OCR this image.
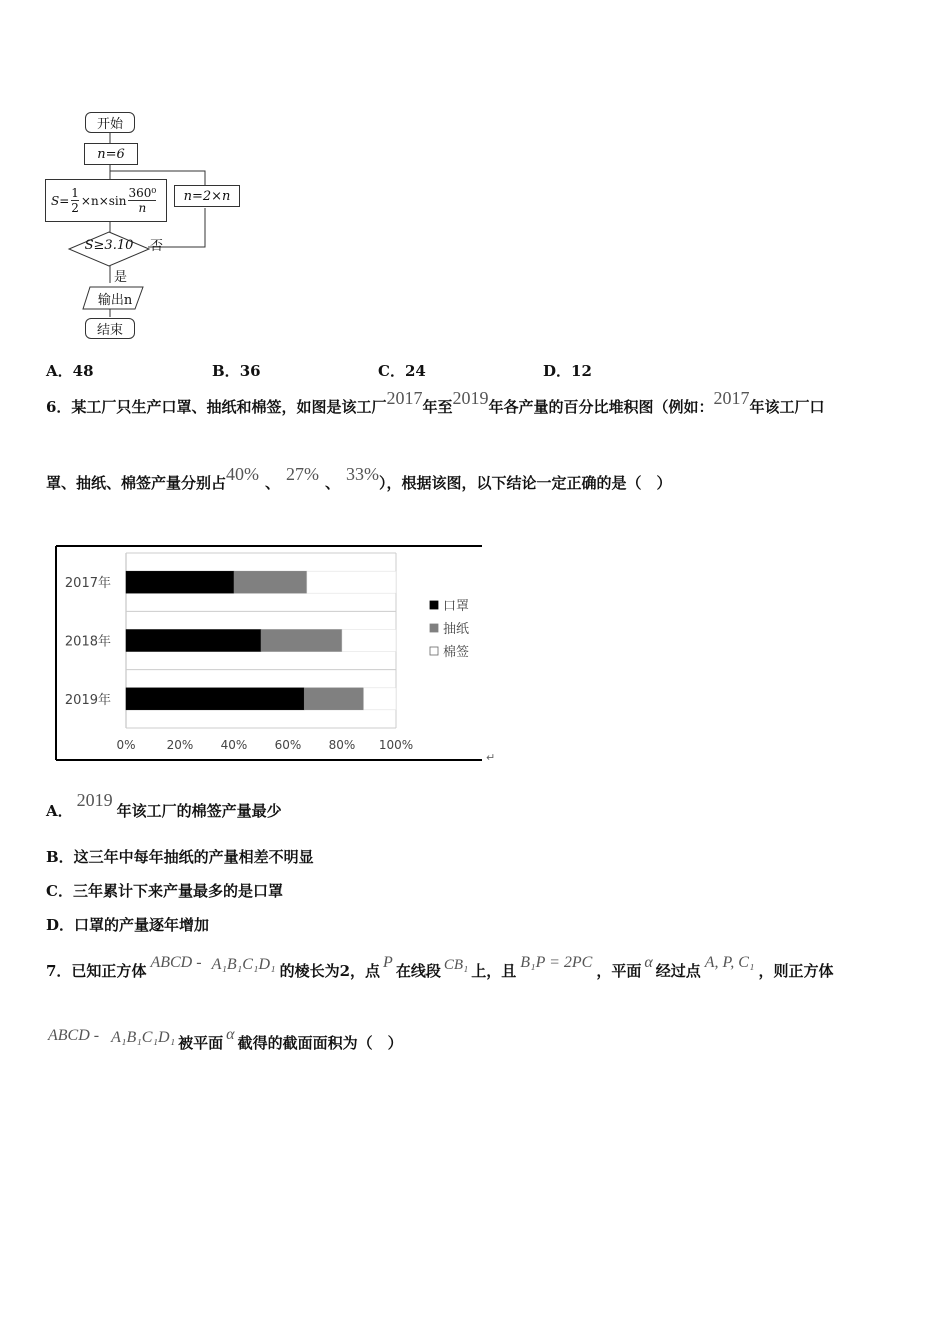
开始
n=6
$S= \frac{1}{2} \times n\times\sin$
360⁰
n
n=2×n
S≥3.10	否
是
输出n
结束
A．48	B．36	C．24	D．12
6．某工厂只生产口罩、抽纸和棉签，如图是该工厂2017年至2019年各产量的百分比堆积图（例如：2017年该工厂口
罩、抽纸、棉签产量分别占40% 、 27% 、 33%），根据该图，以下结论一定正确的是（　）
2017年
2018年
2019年
0%	20% 40% 60% 80% 100%
口罩
抽纸
棉签
↵
A．2019年该工厂的棉签产量最少
B．这三年中每年抽纸的产量相差不明显
C．三年累计下来产量最多的是口罩
D．口罩的产量逐年增加
7．已知正方体 ABCD - A₁B₁C₁D₁ 的棱长为2，点 P 在线段 CB₁ 上，且 B₁P = 2PC ，平面 α 经过点 A, P, C₁ ，则正方体
ABCD - A₁B₁C₁D₁ 被平面 α 截得的截面面积为（　）
